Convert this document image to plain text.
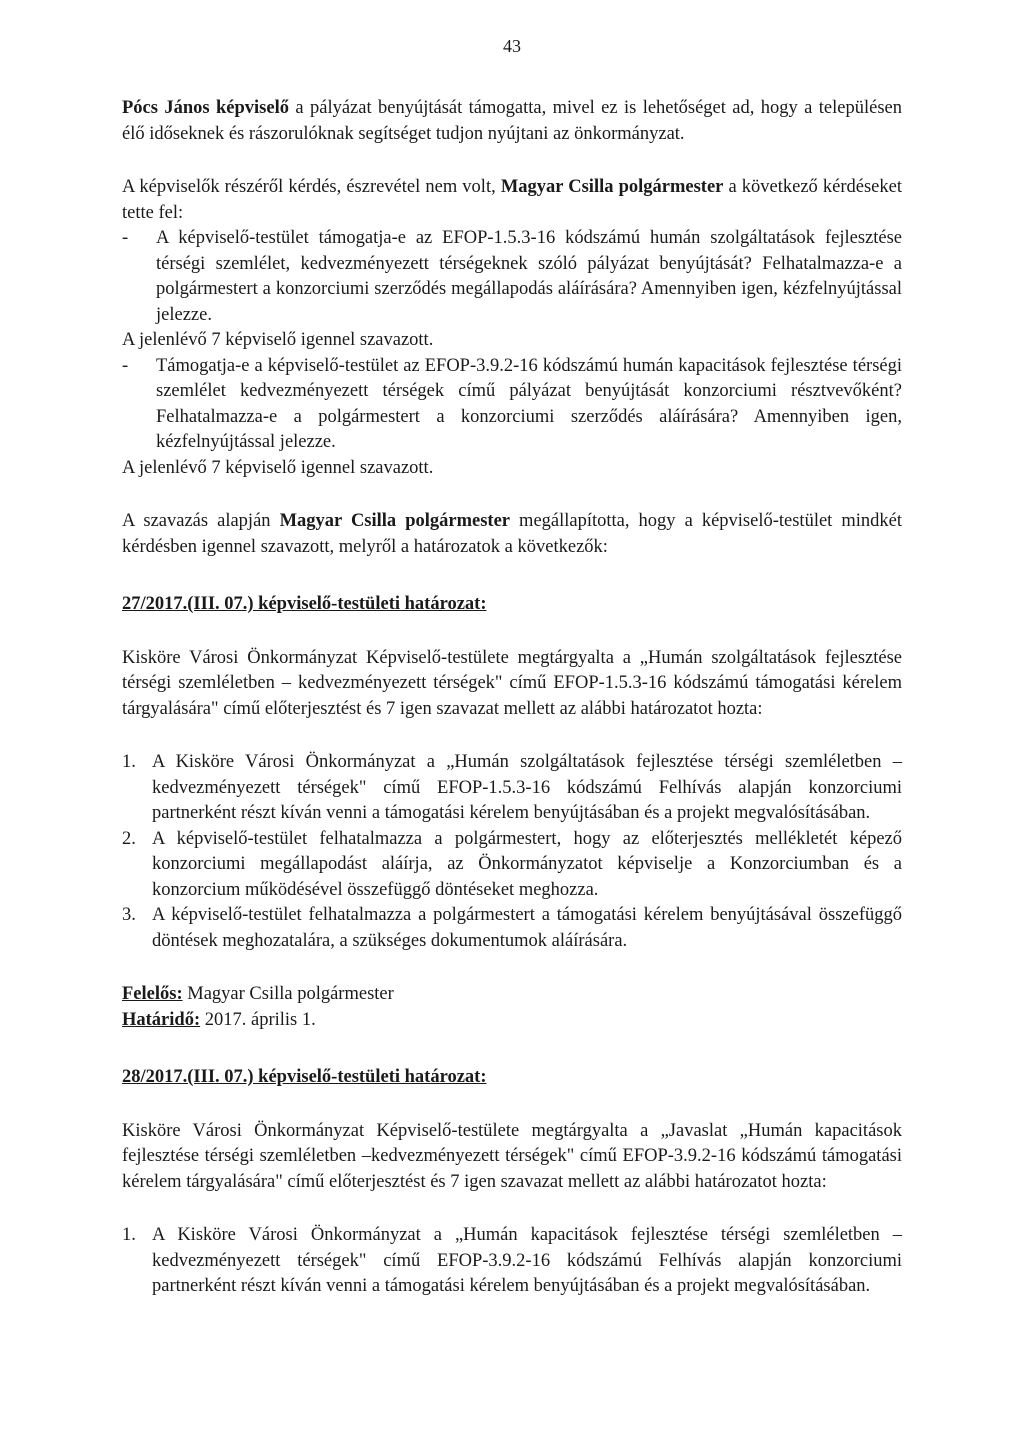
43

Pócs János képviselő a pályázat benyújtását támogatta, mivel ez is lehetőséget ad, hogy a településen élő időseknek és rászorulóknak segítséget tudjon nyújtani az önkormányzat.

A képviselők részéről kérdés, észrevétel nem volt, Magyar Csilla polgármester a következő kérdéseket tette fel:

- A képviselő-testület támogatja-e az EFOP-1.5.3-16 kódszámú humán szolgáltatások fejlesztése térségi szemlélet, kedvezményezett térségeknek szóló pályázat benyújtását? Felhatalmazza-e a polgármestert a konzorciumi szerződés megállapodás aláírására? Amennyiben igen, kézfelnyújtással jelezze.

A jelenlévő 7 képviselő igennel szavazott.

- Támogatja-e a képviselő-testület az EFOP-3.9.2-16 kódszámú humán kapacitások fejlesztése térségi szemlélet kedvezményezett térségek című pályázat benyújtását konzorciumi résztvevőként? Felhatalmazza-e a polgármestert a konzorciumi szerződés aláírására? Amennyiben igen, kézfelnyújtással jelezze.

A jelenlévő 7 képviselő igennel szavazott.

A szavazás alapján Magyar Csilla polgármester megállapította, hogy a képviselő-testület mindkét kérdésben igennel szavazott, melyről a határozatok a következők:

27/2017.(III. 07.) képviselő-testületi határozat:

Kisköre Városi Önkormányzat Képviselő-testülete megtárgyalta a „Humán szolgáltatások fejlesztése térségi szemléletben – kedvezményezett térségek" című EFOP-1.5.3-16 kódszámú támogatási kérelem tárgyalására" című előterjesztést és 7 igen szavazat mellett az alábbi határozatot hozta:

1. A Kisköre Városi Önkormányzat a „Humán szolgáltatások fejlesztése térségi szemléletben – kedvezményezett térségek" című EFOP-1.5.3-16 kódszámú Felhívás alapján konzorciumi partnerként részt kíván venni a támogatási kérelem benyújtásában és a projekt megvalósításában.

2. A képviselő-testület felhatalmazza a polgármestert, hogy az előterjesztés mellékletét képező konzorciumi megállapodást aláírja, az Önkormányzatot képviselje a Konzorciumban és a konzorcium működésével összefüggő döntéseket meghozza.

3. A képviselő-testület felhatalmazza a polgármestert a támogatási kérelem benyújtásával összefüggő döntések meghozatalára, a szükséges dokumentumok aláírására.

Felelős: Magyar Csilla polgármester

Határidő: 2017. április 1.

28/2017.(III. 07.) képviselő-testületi határozat:

Kisköre Városi Önkormányzat Képviselő-testülete megtárgyalta a „Javaslat „Humán kapacitások fejlesztése térségi szemléletben –kedvezményezett térségek" című EFOP-3.9.2-16 kódszámú támogatási kérelem tárgyalására" című előterjesztést és 7 igen szavazat mellett az alábbi határozatot hozta:

1. A Kisköre Városi Önkormányzat a „Humán kapacitások fejlesztése térségi szemléletben – kedvezményezett térségek" című EFOP-3.9.2-16 kódszámú Felhívás alapján konzorciumi partnerként részt kíván venni a támogatási kérelem benyújtásában és a projekt megvalósításában.
